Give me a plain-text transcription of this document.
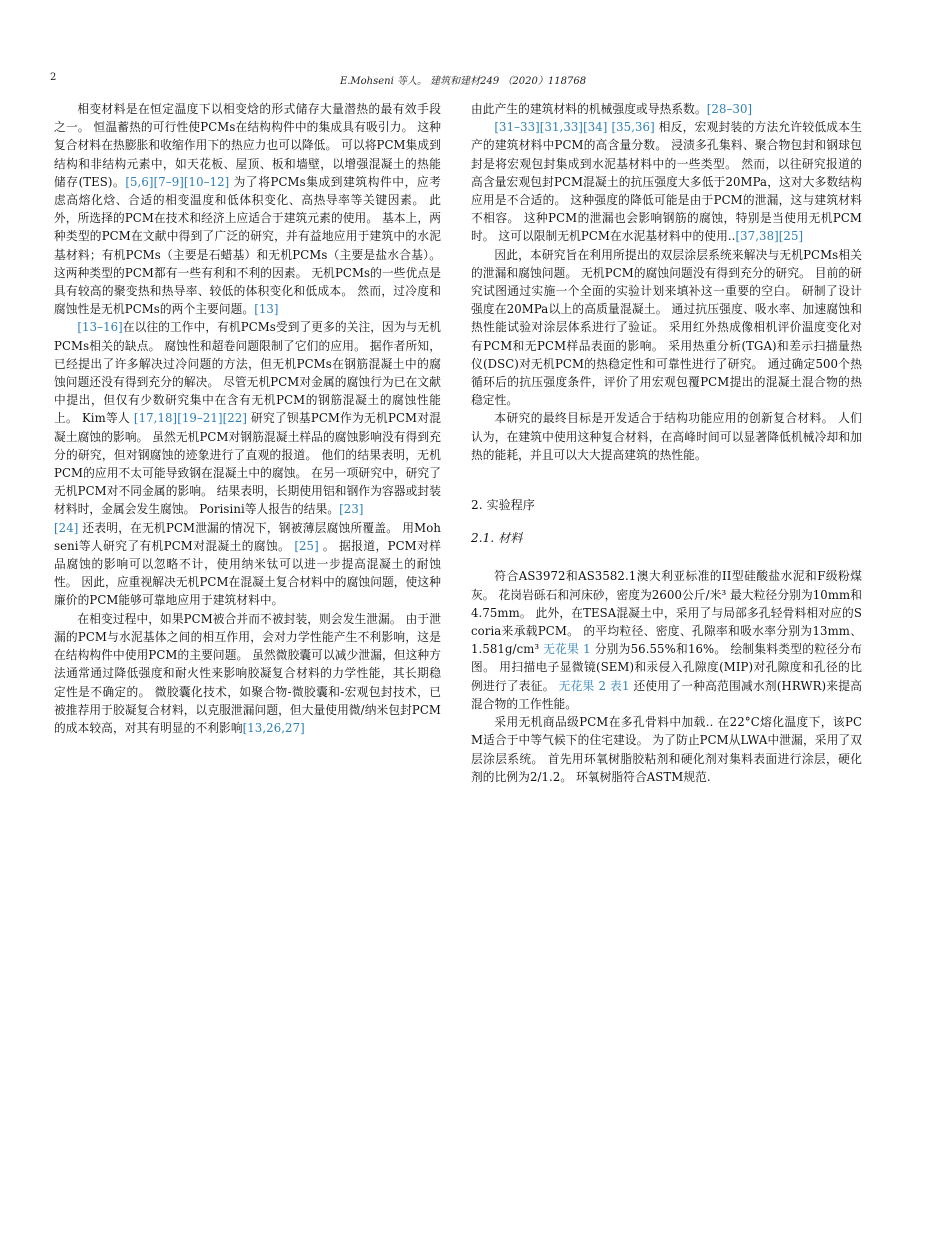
2	E.Mohseni 等人。 建筑和建材249 （2020）118768

相变材料是在恒定温度下以相变焓的形式储存大量潜热的最有效手段之一。 恒温蓄热的可行性使PCMs在结构构件中的集成具有吸引力。 这种复合材料在热膨胀和收缩作用下的热应力也可以降低。 可以将PCM集成到结构和非结构元素中，如天花板、屋顶、板和墙壁，以增强混凝土的热能储存(TES)。[5,6][7–9][10–12] 为了将PCMs集成到建筑构件中，应考虑高熔化焓、合适的相变温度和低体积变化、高热导率等关键因素。 此外，所选择的PCM在技术和经济上应适合于建筑元素的使用。 基本上，两种类型的PCM在文献中得到了广泛的研究，并有益地应用于建筑中的水泥基材料；有机PCMs（主要是石蜡基）和无机PCMs（主要是盐水合基）。 这两种类型的PCM都有一些有利和不利的因素。 无机PCMs的一些优点是具有较高的聚变热和热导率、较低的体积变化和低成本。 然而，过冷度和腐蚀性是无机PCMs的两个主要问题。[13]

[13–16]在以往的工作中，有机PCMs受到了更多的关注，因为与无机PCMs相关的缺点。 腐蚀性和超卷问题限制了它们的应用。 据作者所知，已经提出了许多解决过冷问题的方法，但无机PCMs在钢筋混凝土中的腐蚀问题还没有得到充分的解决。 尽管无机PCM对金属的腐蚀行为已在文献中提出，但仅有少数研究集中在含有无机PCM的钢筋混凝土的腐蚀性能上。 Kim等人 [17,18][19–21][22] 研究了钡基PCM作为无机PCM对混凝土腐蚀的影响。 虽然无机PCM对钢筋混凝土样品的腐蚀影响没有得到充分的研究，但对钢腐蚀的迹象进行了直观的报道。 他们的结果表明，无机PCM的应用不太可能导致钢在混凝土中的腐蚀。 在另一项研究中，研究了无机PCM对不同金属的影响。 结果表明，长期使用铝和钢作为容器或封装材料时，金属会发生腐蚀。 Porisini等人报告的结果。[23]

[24] 还表明，在无机PCM泄漏的情况下，钢被薄层腐蚀所覆盖。 用Mohseni等人研究了有机PCM对混凝土的腐蚀。 [25] 。 据报道，PCM对样品腐蚀的影响可以忽略不计，使用纳米钛可以进一步提高混凝土的耐蚀性。 因此，应重视解决无机PCM在混凝土复合材料中的腐蚀问题，使这种廉价的PCM能够可靠地应用于建筑材料中。

在相变过程中，如果PCM被合并而不被封装，则会发生泄漏。 由于泄漏的PCM与水泥基体之间的相互作用，会对力学性能产生不利影响，这是在结构构件中使用PCM的主要问题。 虽然微胶囊可以减少泄漏，但这种方法通常通过降低强度和耐火性来影响胶凝复合材料的力学性能，其长期稳定性是不确定的。 微胶囊化技术，如聚合物-微胶囊和-宏观包封技术，已被推荐用于胶凝复合材料，以克服泄漏问题，但大量使用微/纳米包封PCM的成本较高，对其有明显的不利影响[13,26,27]

由此产生的建筑材料的机械强度或导热系数。[28–30]

[31–33][31,33][34] [35,36] 相反，宏观封装的方法允许较低成本生产的建筑材料中PCM的高含量分数。 浸渍多孔集料、聚合物包封和钢球包封是将宏观包封集成到水泥基材料中的一些类型。 然而，以往研究报道的高含量宏观包封PCM混凝土的抗压强度大多低于20MPa，这对大多数结构应用是不合适的。 这种强度的降低可能是由于PCM的泄漏，这与建筑材料不相容。 这种PCM的泄漏也会影响钢筋的腐蚀，特别是当使用无机PCM时。 这可以限制无机PCM在水泥基材料中的使用..[37,38][25]

因此，本研究旨在利用所提出的双层涂层系统来解决与无机PCMs相关的泄漏和腐蚀问题。 无机PCM的腐蚀问题没有得到充分的研究。 目前的研究试图通过实施一个全面的实验计划来填补这一重要的空白。 研制了设计强度在20MPa以上的高质量混凝土。 通过抗压强度、吸水率、加速腐蚀和热性能试验对涂层体系进行了验证。 采用红外热成像相机评价温度变化对有PCM和无PCM样品表面的影响。 采用热重分析(TGA)和差示扫描量热仪(DSC)对无机PCM的热稳定性和可靠性进行了研究。 通过确定500个热循环后的抗压强度条件，评价了用宏观包覆PCM提出的混凝土混合物的热稳定性。

本研究的最终目标是开发适合于结构功能应用的创新复合材料。 人们认为，在建筑中使用这种复合材料，在高峰时间可以显著降低机械冷却和加热的能耗，并且可以大大提高建筑的热性能。

2. 实验程序
2.1. 材料

符合AS3972和AS3582.1澳大利亚标准的II型硅酸盐水泥和F级粉煤灰。 花岗岩砾石和河床砂，密度为2600公斤/米³ 最大粒径分别为10mm和4.75mm。 此外，在TESA混凝土中，采用了与局部多孔轻骨料相对应的Scoria来承载PCM。 的平均粒径、密度、孔隙率和吸水率分别为13mm、1.581g/cm³ 无花果 1 分别为56.55%和16%。 绘制集料类型的粒径分布图。 用扫描电子显微镜(SEM)和汞侵入孔隙度(MIP)对孔隙度和孔径的比例进行了表征。 无花果 2 表1 还使用了一种高范围减水剂(HRWR)来提高混合物的工作性能。

采用无机商品级PCM在多孔骨料中加载.. 在22°C熔化温度下，该PCM适合于中等气候下的住宅建设。 为了防止PCM从LWA中泄漏，采用了双层涂层系统。 首先用环氧树脂胶粘剂和硬化剂对集料表面进行涂层，硬化剂的比例为2/1.2。 环氧树脂符合ASTM规范.
